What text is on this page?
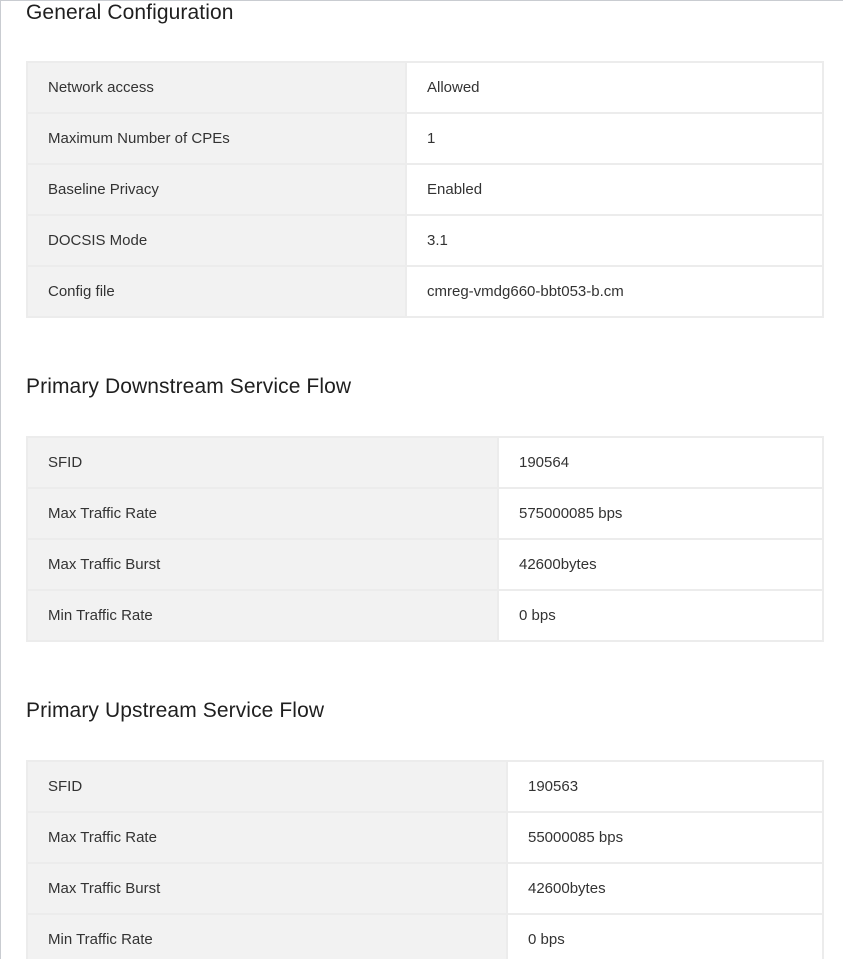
General Configuration
Network access	Allowed
Maximum Number of CPEs	1
Baseline Privacy	Enabled
DOCSIS Mode	3.1
Config file	cmreg-vmdg660-bbt053-b.cm
Primary Downstream Service Flow
SFID	190564
Max Traffic Rate	575000085 bps
Max Traffic Burst	42600bytes
Min Traffic Rate	0 bps
Primary Upstream Service Flow
SFID	190563
Max Traffic Rate	55000085 bps
Max Traffic Burst	42600bytes
Min Traffic Rate	0 bps
